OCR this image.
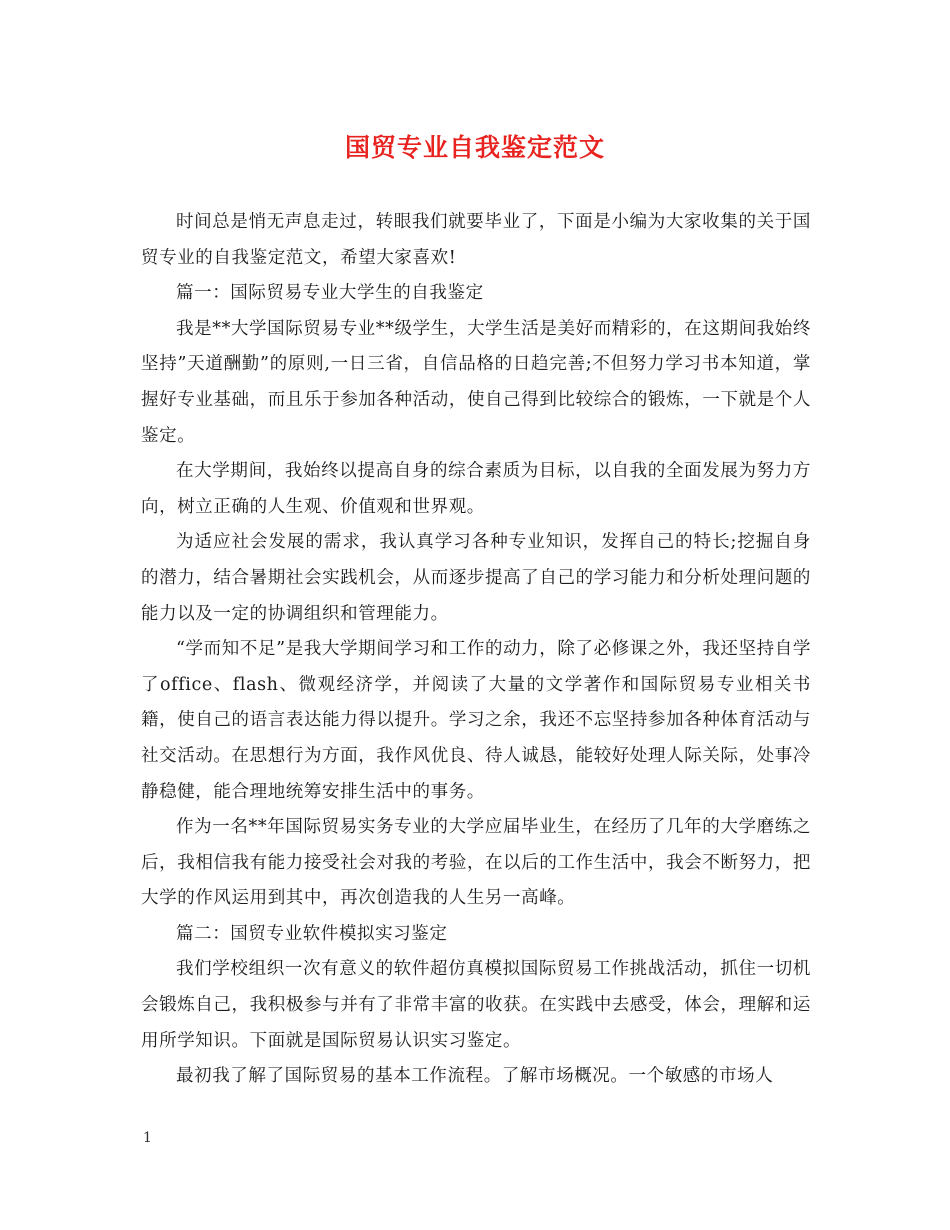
国贸专业自我鉴定范文

时间总是悄无声息走过，转眼我们就要毕业了，下面是小编为大家收集的关于国贸专业的自我鉴定范文，希望大家喜欢!

篇一：国际贸易专业大学生的自我鉴定

我是**大学国际贸易专业**级学生，大学生活是美好而精彩的，在这期间我始终坚持”天道酬勤”的原则,一日三省，自信品格的日趋完善;不但努力学习书本知道，掌握好专业基础，而且乐于参加各种活动，使自己得到比较综合的锻炼，一下就是个人鉴定。

在大学期间，我始终以提高自身的综合素质为目标，以自我的全面发展为努力方向，树立正确的人生观、价值观和世界观。

为适应社会发展的需求，我认真学习各种专业知识，发挥自己的特长;挖掘自身的潜力，结合暑期社会实践机会，从而逐步提高了自己的学习能力和分析处理问题的能力以及一定的协调组织和管理能力。

“学而知不足”是我大学期间学习和工作的动力，除了必修课之外，我还坚持自学了office、flash、微观经济学，并阅读了大量的文学著作和国际贸易专业相关书籍，使自己的语言表达能力得以提升。学习之余，我还不忘坚持参加各种体育活动与社交活动。在思想行为方面，我作风优良、待人诚恳，能较好处理人际关际，处事冷静稳健，能合理地统筹安排生活中的事务。

作为一名**年国际贸易实务专业的大学应届毕业生，在经历了几年的大学磨练之后，我相信我有能力接受社会对我的考验，在以后的工作生活中，我会不断努力，把大学的作风运用到其中，再次创造我的人生另一高峰。

篇二：国贸专业软件模拟实习鉴定

我们学校组织一次有意义的软件超仿真模拟国际贸易工作挑战活动，抓住一切机会锻炼自己，我积极参与并有了非常丰富的收获。在实践中去感受，体会，理解和运用所学知识。下面就是国际贸易认识实习鉴定。

最初我了解了国际贸易的基本工作流程。了解市场概况。一个敏感的市场人

1
